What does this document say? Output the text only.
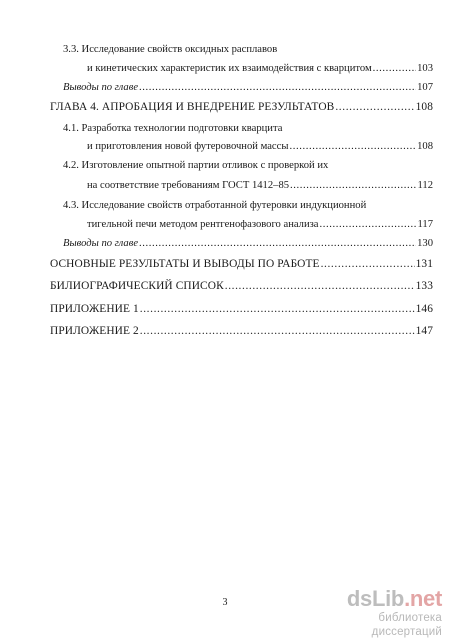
3.3. Исследование свойств оксидных расплавов
и кинетических характеристик их взаимодействия с кварцитом .....	103
Выводы по главе .....	107
ГЛАВА 4. АПРОБАЦИЯ И ВНЕДРЕНИЕ РЕЗУЛЬТАТОВ .....	108
4.1. Разработка технологии подготовки кварцита
и приготовления новой футеровочной массы .....	108
4.2. Изготовление опытной партии отливок с проверкой их
на соответствие требованиям ГОСТ 1412–85 .....	112
4.3. Исследование свойств отработанной футеровки индукционной
тигельной печи методом рентгенофазового анализа .....	117
Выводы по главе .....	130
ОСНОВНЫЕ РЕЗУЛЬТАТЫ И ВЫВОДЫ ПО РАБОТЕ .....	131
БИЛИОГРАФИЧЕСКИЙ СПИСОК .....	133
ПРИЛОЖЕНИЕ 1 .....	146
ПРИЛОЖЕНИЕ 2 .....	147
3	dsLib.net
библиотека диссертаций
